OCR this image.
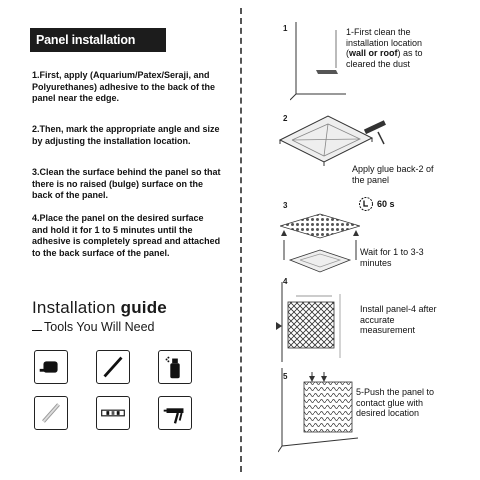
Panel installation steps

1.First, apply (Aquarium/Patex/Seraji, and Polyurethanes) adhesive to the back of the panel near the edge.

2.Then, mark the appropriate angle and size by adjusting the installation location.

3.Clean the surface behind the panel so that there is no raised (bulge) surface on the back of the panel.

4.Place the panel on the desired surface and hold it for 1 to 5 minutes until the adhesive is completely spread and attached to the back surface of the panel.

Installation guide
Tools You Will Need
1	1-First clean the installation location (wall or roof) as to cleared the dust
2
Apply glue back-2 of the panel
3	60 s
Wait for 1 to 3-3 minutes
4
Install panel-4 after accurate measurement
5
5-Push the panel to contact glue with desired location
